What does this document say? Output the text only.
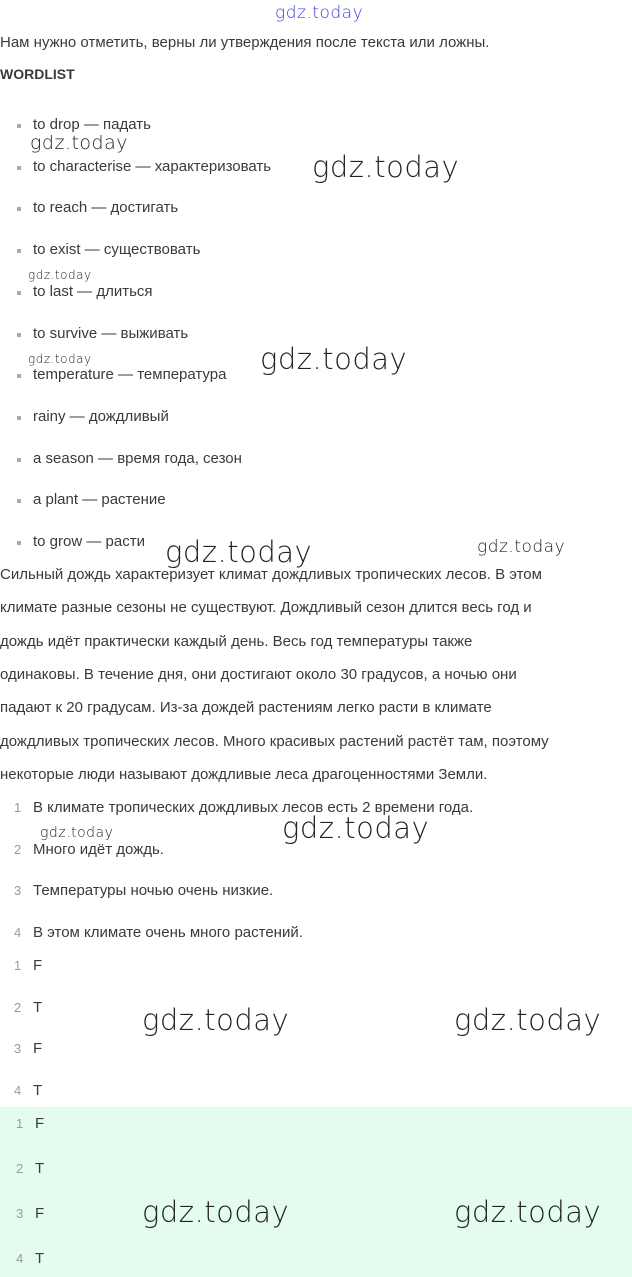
gdz.today
Нам нужно отметить, верны ли утверждения после текста или ложны.
WORDLIST
to drop — падать
to characterise — характеризовать
to reach — достигать
to exist — существовать
to last — длиться
to survive — выживать
temperature — температура
rainy — дождливый
a season — время года, сезон
a plant — растение
to grow — расти
Сильный дождь характеризует климат дождливых тропических лесов. В этом
климате разные сезоны не существуют. Дождливый сезон длится весь год и
дождь идёт практически каждый день. Весь год температуры также
одинаковы. В течение дня, они достигают около 30 градусов, а ночью они
падают к 20 градусам. Из-за дождей растениям легко расти в климате
дождливых тропических лесов. Много красивых растений растёт там, поэтому
некоторые люди называют дождливые леса драгоценностями Земли.
1 В климате тропических дождливых лесов есть 2 времени года.
2 Много идёт дождь.
3 Температуры ночью очень низкие.
4 В этом климате очень много растений.
1 F
2 T
3 F
4 T
1 F
2 T
3 F
4 T
gdz.today
gdz.today
gdz.today
gdz.today	gdz.today
gdz.today	gdz.today
gdz.today	gdz.today
gdz.today	gdz.today
gdz.today	gdz.today
